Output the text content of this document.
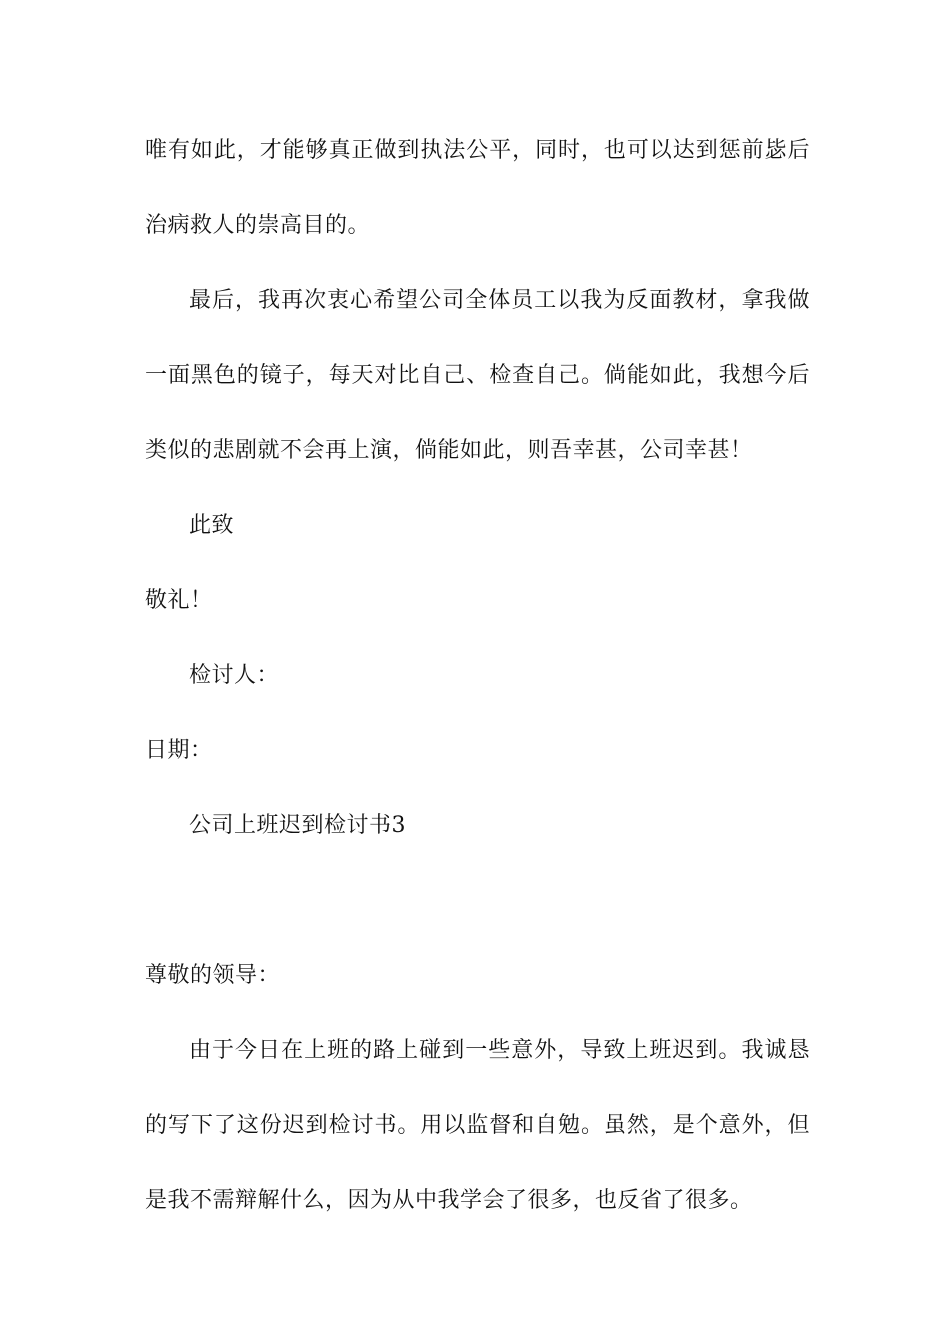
唯有如此，才能够真正做到执法公平，同时，也可以达到惩前毖后
治病救人的崇高目的。
最后，我再次衷心希望公司全体员工以我为反面教材，拿我做
一面黑色的镜子，每天对比自己、检查自己。倘能如此，我想今后
类似的悲剧就不会再上演，倘能如此，则吾幸甚，公司幸甚！
此致
敬礼！
检讨人：
日期：
公司上班迟到检讨书3
尊敬的领导：
由于今日在上班的路上碰到一些意外，导致上班迟到。我诚恳
的写下了这份迟到检讨书。用以监督和自勉。虽然，是个意外，但
是我不需辩解什么，因为从中我学会了很多，也反省了很多。
